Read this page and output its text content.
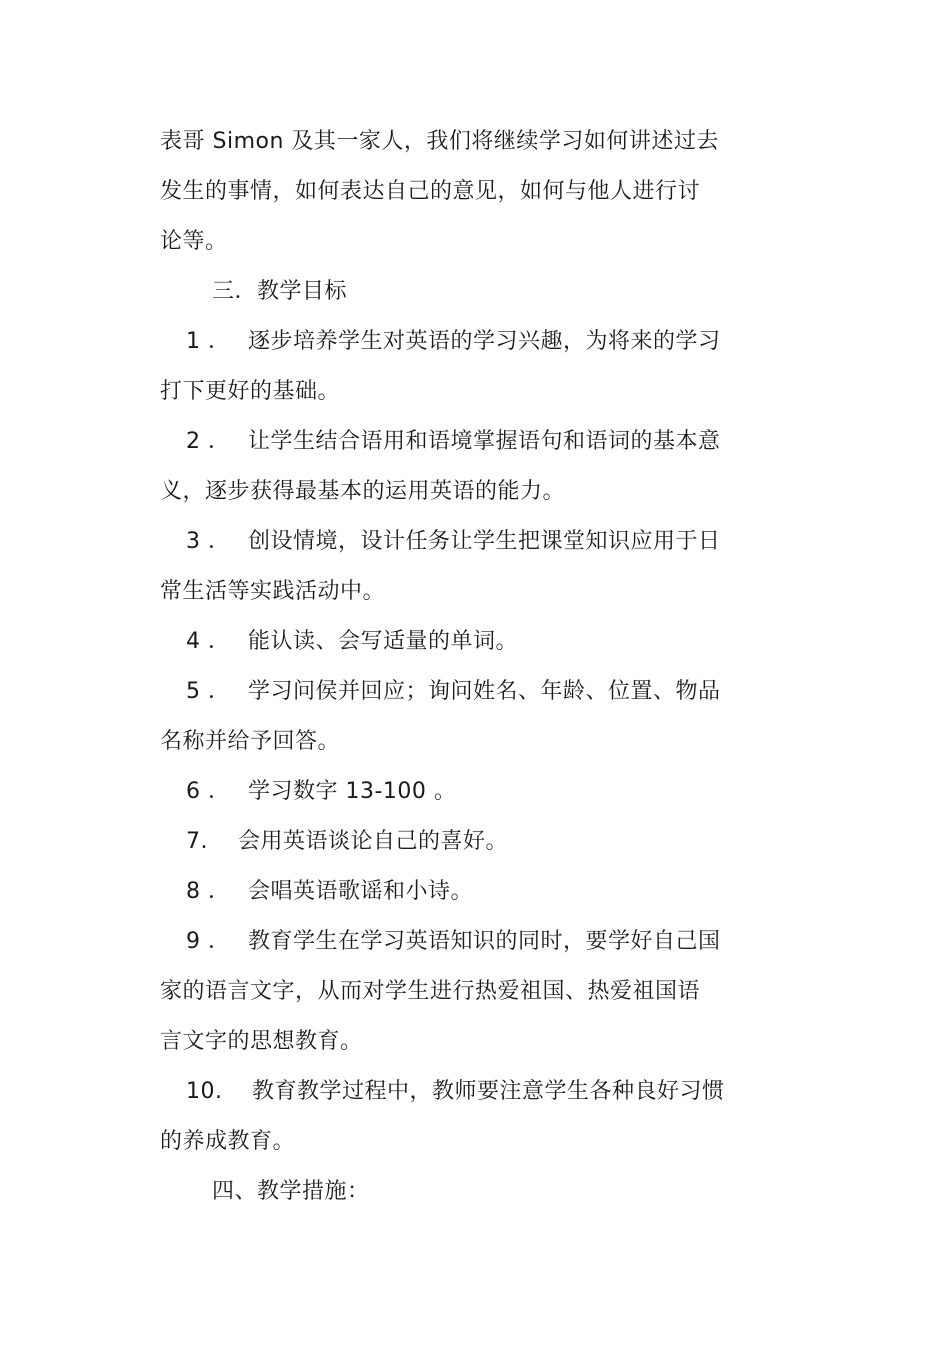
表哥 Simon 及其一家人，我们将继续学习如何讲述过去
发生的事情，如何表达自己的意见，如何与他人进行讨
论等。
三．教学目标
1 ． 逐步培养学生对英语的学习兴趣，为将来的学习
打下更好的基础。
2 ． 让学生结合语用和语境掌握语句和语词的基本意
义，逐步获得最基本的运用英语的能力。
3 ． 创设情境，设计任务让学生把课堂知识应用于日
常生活等实践活动中。
4 ． 能认读、会写适量的单词。
5 ． 学习问侯并回应；询问姓名、年龄、位置、物品
名称并给予回答。
6 ． 学习数字 13-100 。
7. 会用英语谈论自己的喜好。
8 ． 会唱英语歌谣和小诗。
9 ． 教育学生在学习英语知识的同时，要学好自己国
家的语言文字，从而对学生进行热爱祖国、热爱祖国语
言文字的思想教育。
10. 教育教学过程中，教师要注意学生各种良好习惯
的养成教育。
四、教学措施：
